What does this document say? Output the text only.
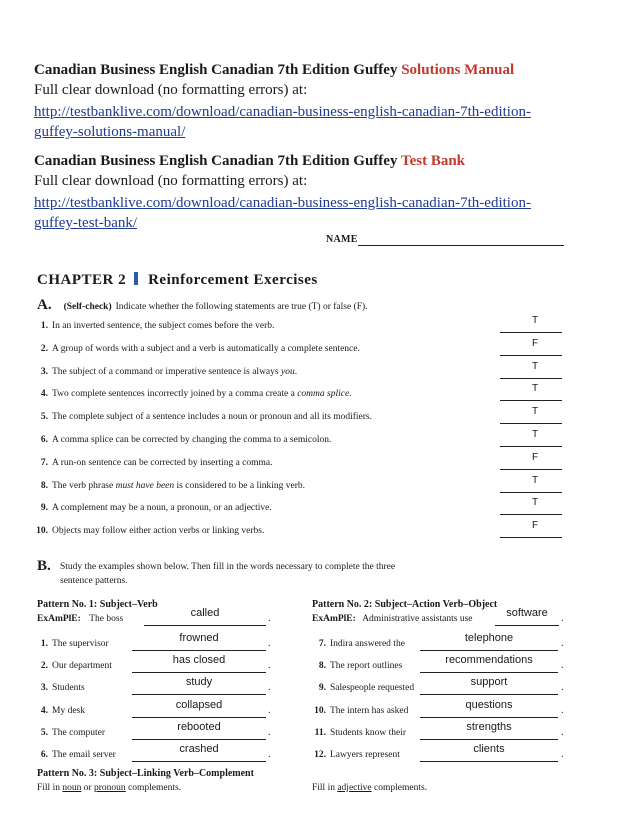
Canadian Business English Canadian 7th Edition Guffey Solutions Manual
Full clear download (no formatting errors) at:
http://testbanklive.com/download/canadian-business-english-canadian-7th-edition-guffey-solutions-manual/
Canadian Business English Canadian 7th Edition Guffey Test Bank
Full clear download (no formatting errors) at:
http://testbanklive.com/download/canadian-business-english-canadian-7th-edition-guffey-test-bank/
NAME
CHAPTER 2 Reinforcement Exercises
A. (Self-check) Indicate whether the following statements are true (T) or false (F).
1. In an inverted sentence, the subject comes before the verb.	T
2. A group of words with a subject and a verb is automatically a complete sentence.	F
3. The subject of a command or imperative sentence is always you.	T
4. Two complete sentences incorrectly joined by a comma create a comma splice.	T
5. The complete subject of a sentence includes a noun or pronoun and all its modifiers.	T
6. A comma splice can be corrected by changing the comma to a semicolon.	T
7. A run-on sentence can be corrected by inserting a comma.	F
8. The verb phrase must have been is considered to be a linking verb.	T
9. A complement may be a noun, a pronoun, or an adjective.	T
10. Objects may follow either action verbs or linking verbs.	F
B. Study the examples shown below. Then fill in the words necessary to complete the three
sentence patterns.
Pattern No. 1: Subject–Verb
ExAmPlE: The boss	called	.
1. The supervisor	frowned	.
2. Our department	has closed	.
3. Students	study	.
4. My desk	collapsed	.
5. The computer	rebooted	.
6. The email server	crashed	.
Pattern No. 2: Subject–Action Verb–Object
ExAmPlE: Administrative assistants use	software	.
7. Indira answered the	telephone	.
8. The report outlines	recommendations	.
9. Salespeople requested	support	.
10. The intern has asked	questions	.
11. Students know their	strengths	.
12. Lawyers represent	clients	.
Pattern No. 3: Subject–Linking Verb–Complement
Fill in noun or pronoun complements.	Fill in adjective complements.
